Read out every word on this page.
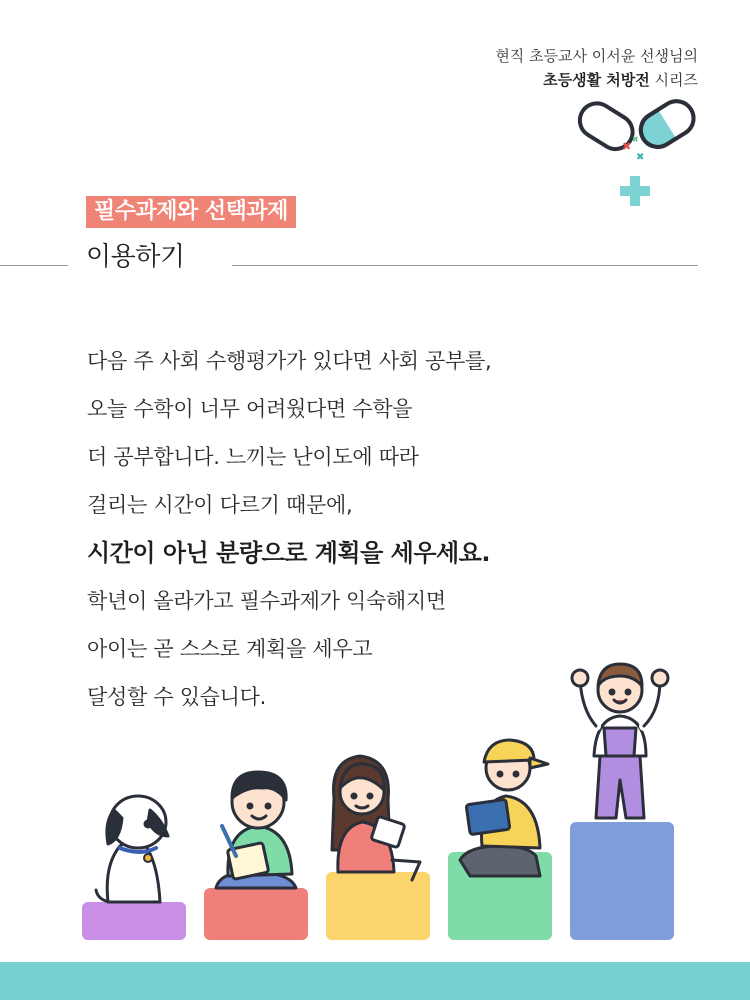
현직 초등교사 이서윤 선생님의
초등생활 처방전 시리즈
✖
✖
✖
필수과제와 선택과제
이용하기

다음 주 사회 수행평가가 있다면 사회 공부를,

오늘 수학이 너무 어려웠다면 수학을

더 공부합니다. 느끼는 난이도에 따라

걸리는 시간이 다르기 때문에,

시간이 아닌 분량으로 계획을 세우세요.

학년이 올라가고 필수과제가 익숙해지면

아이는 곧 스스로 계획을 세우고

달성할 수 있습니다.
